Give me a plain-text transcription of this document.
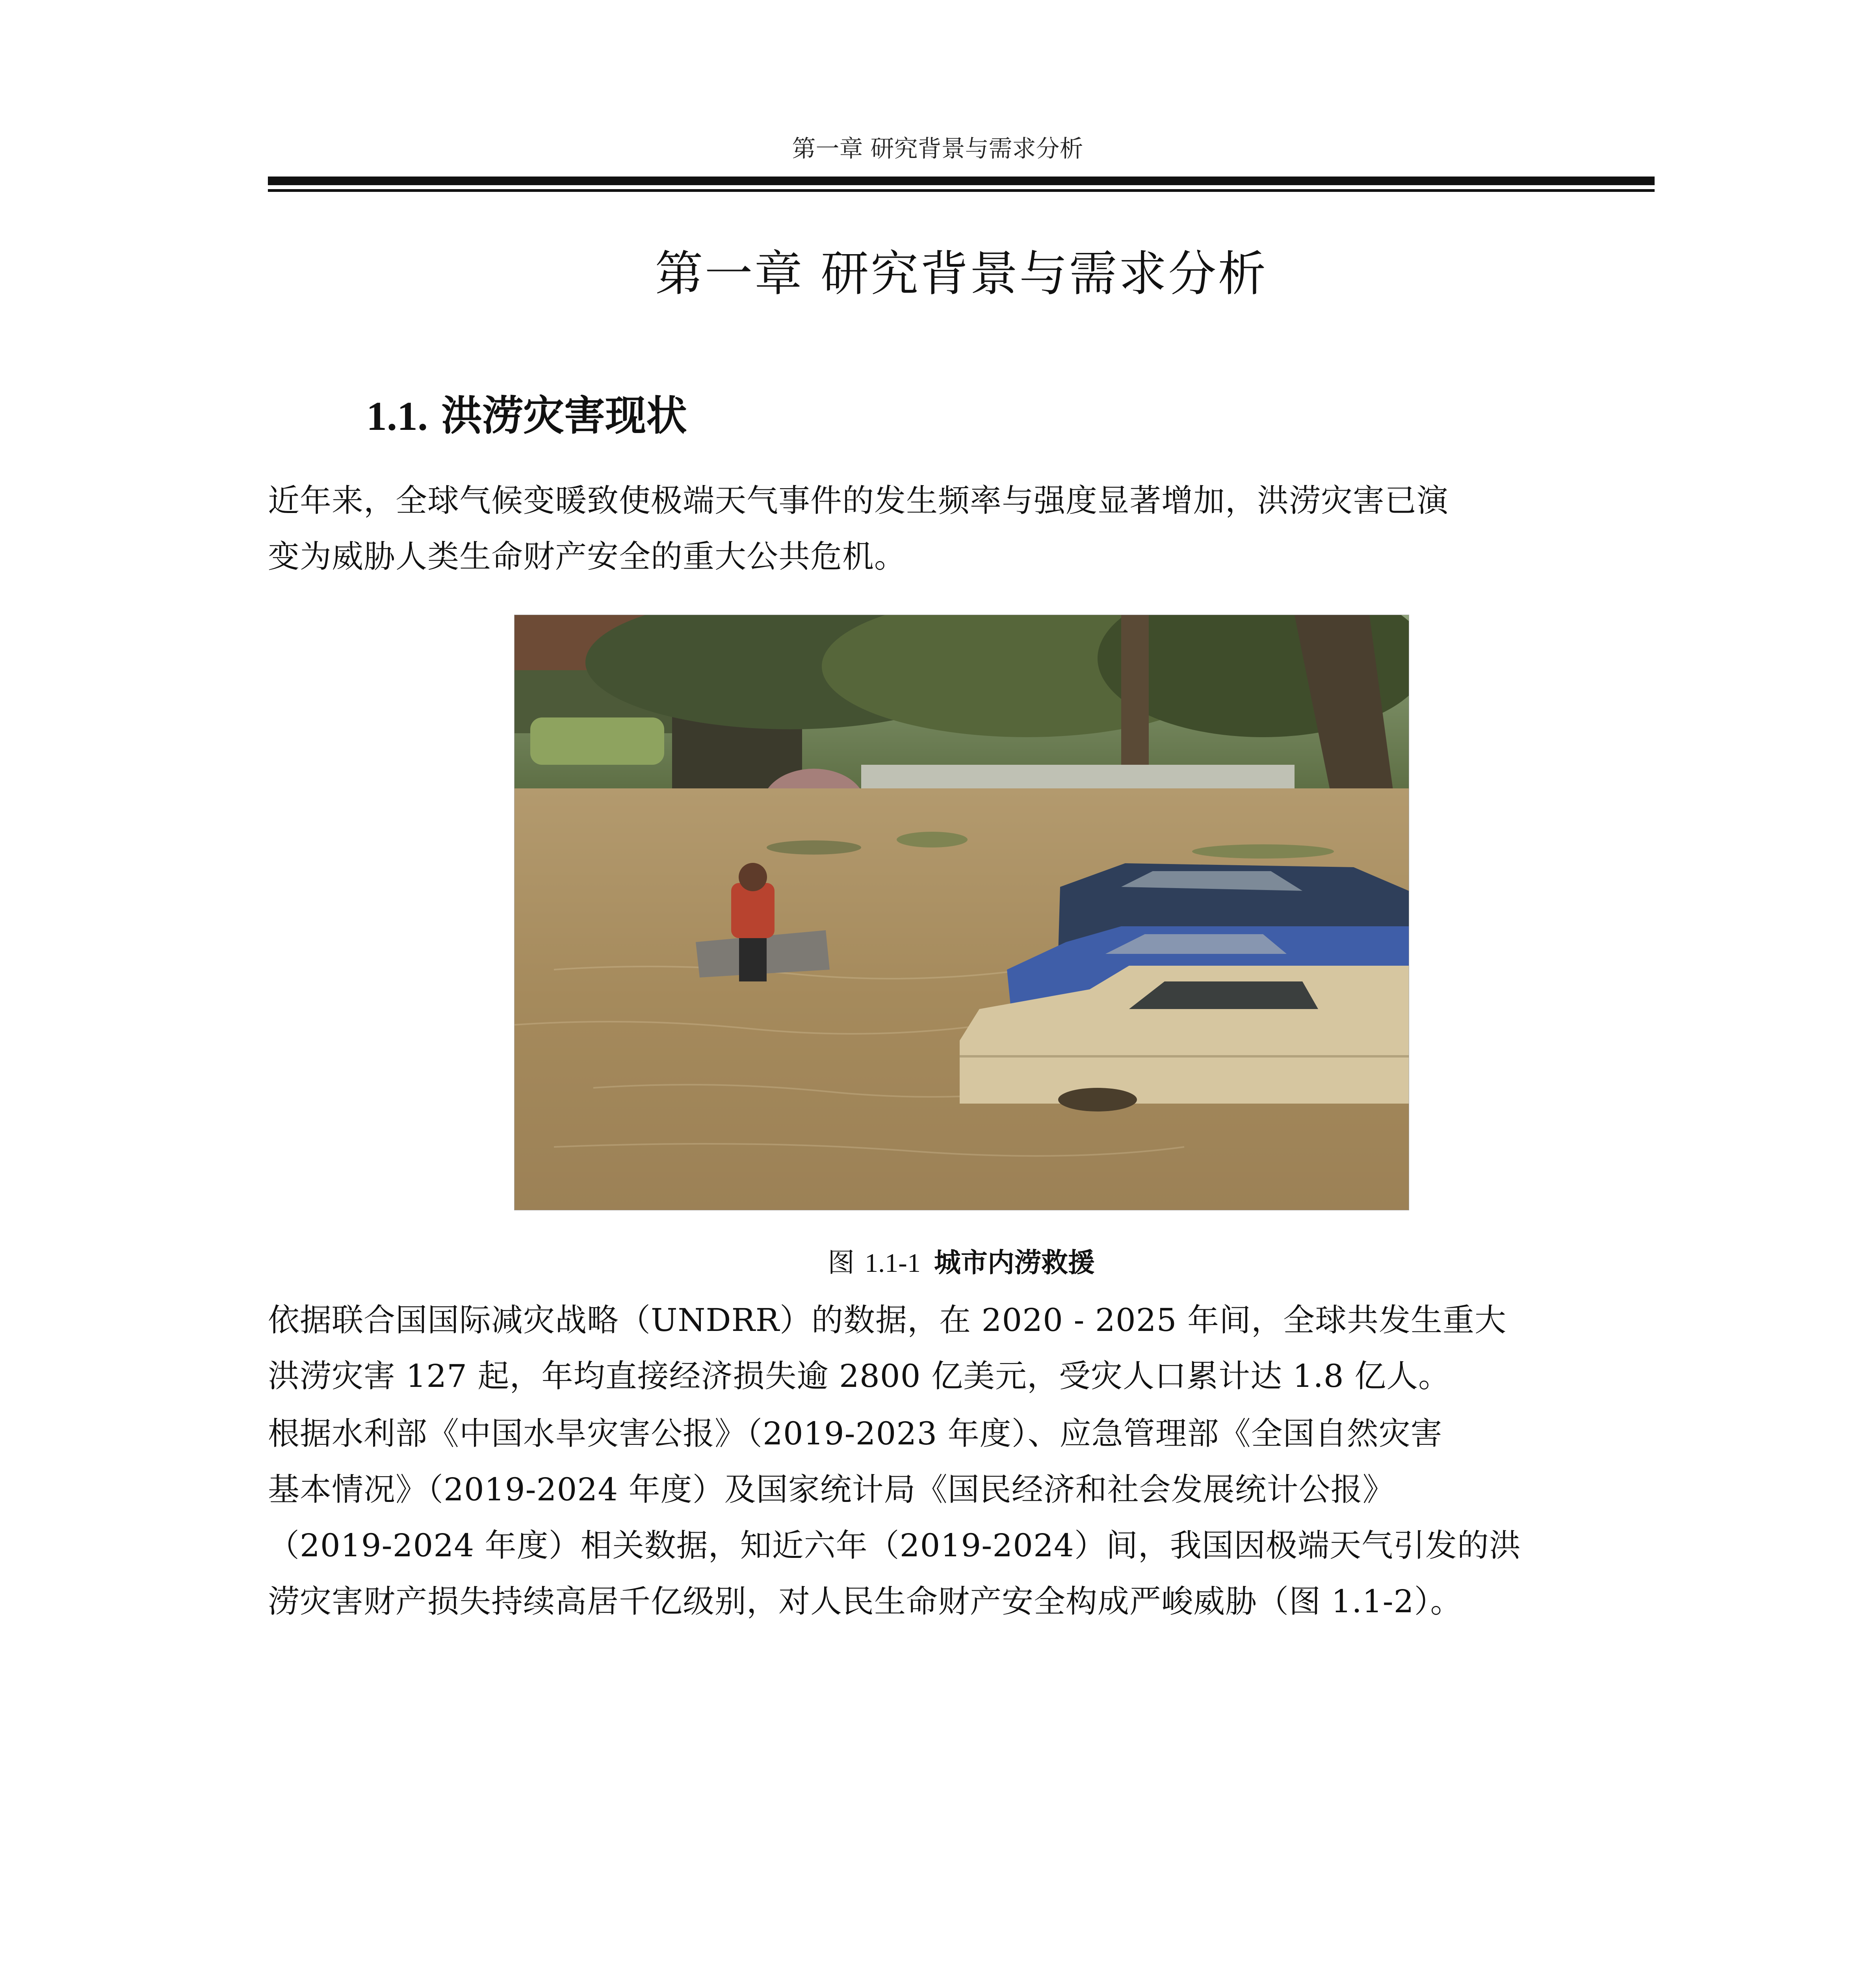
第一章 研究背景与需求分析
第一章 研究背景与需求分析
1.1. 洪涝灾害现状
近年来，全球气候变暖致使极端天气事件的发生频率与强度显著增加，洪涝灾害已演
变为威胁人类生命财产安全的重大公共危机。
图 1.1-1 城市内涝救援
依据联合国国际减灾战略（UNDRR）的数据，在 2020 - 2025 年间，全球共发生重大
洪涝灾害 127 起，年均直接经济损失逾 2800 亿美元，受灾人口累计达 1.8 亿人。
根据水利部《中国水旱灾害公报》（2019-2023 年度）、应急管理部《全国自然灾害
基本情况》（2019-2024 年度）及国家统计局《国民经济和社会发展统计公报》
（2019-2024 年度）相关数据，知近六年（2019-2024）间，我国因极端天气引发的洪
涝灾害财产损失持续高居千亿级别，对人民生命财产安全构成严峻威胁（图 1.1-2）。
